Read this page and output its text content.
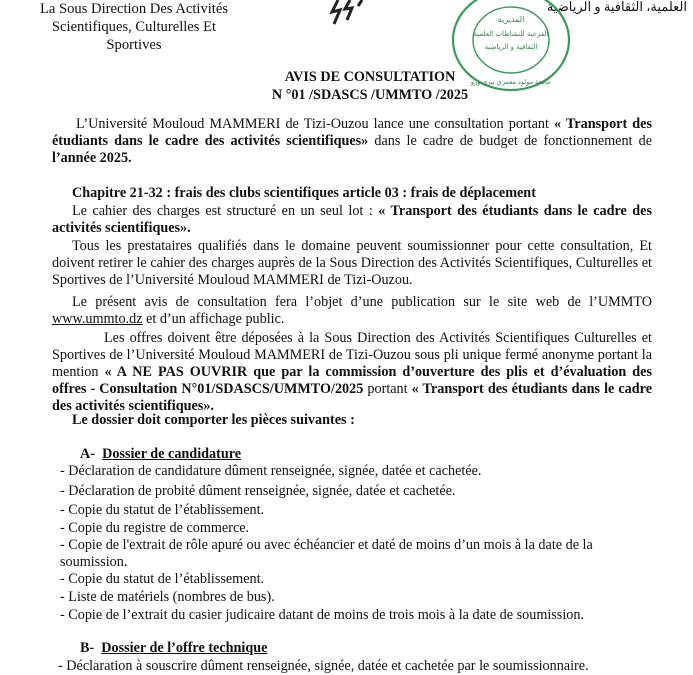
La Sous Direction Des Activités
Scientifiques, Culturelles Et
Sportives
العلمية، الثقافية و الرياضية
المديرية
الفرعية للنشاطات العلمية
الثقافية و الرياضية
جامعة مولود معمري تيزي وزو
AVIS DE CONSULTATION
N °01 /SDASCS /UMMTO /2025

L’Université Mouloud MAMMERI de Tizi-Ouzou lance une consultation portant « Transport des étudiants dans le cadre des activités scientifiques» dans le cadre de budget de fonctionnement de l’année 2025.

Chapitre 21-32 : frais des clubs scientifiques article 03 : frais de déplacement

Le cahier des charges est structuré en un seul lot : « Transport des étudiants dans le cadre des activités scientifiques».

Tous les prestataires qualifiés dans le domaine peuvent soumissionner pour cette consultation, Et doivent retirer le cahier des charges auprès de la Sous Direction des Activités Scientifiques, Culturelles et Sportives de l’Université Mouloud MAMMERI de Tizi-Ouzou.

Le présent avis de consultation fera l’objet d’une publication sur le site web de l’UMMTO www.ummto.dz et d’un affichage public.

Les offres doivent être déposées à la Sous Direction des Activités Scientifiques Culturelles et Sportives de l’Université Mouloud MAMMERI de Tizi-Ouzou sous pli unique fermé anonyme portant la mention « A NE PAS OUVRIR que par la commission d’ouverture des plis et d’évaluation des offres - Consultation N°01/SDASCS/UMMTO/2025 portant « Transport des étudiants dans le cadre des activités scientifiques».

Le dossier doit comporter les pièces suivantes :

A- Dossier de candidature

- Déclaration de candidature dûment renseignée, signée, datée et cachetée.

- Déclaration de probité dûment renseignée, signée, datée et cachetée.

- Copie du statut de l’établissement.

- Copie du registre de commerce.

- Copie de l'extrait de rôle apuré ou avec échéancier et daté de moins d’un mois à la date de la soumission.

- Copie du statut de l’établissement.

- Liste de matériels (nombres de bus).

- Copie de l’extrait du casier judicaire datant de moins de trois mois à la date de soumission.

B- Dossier de l’offre technique

- Déclaration à souscrire dûment renseignée, signée, datée et cachetée par le soumissionnaire.
